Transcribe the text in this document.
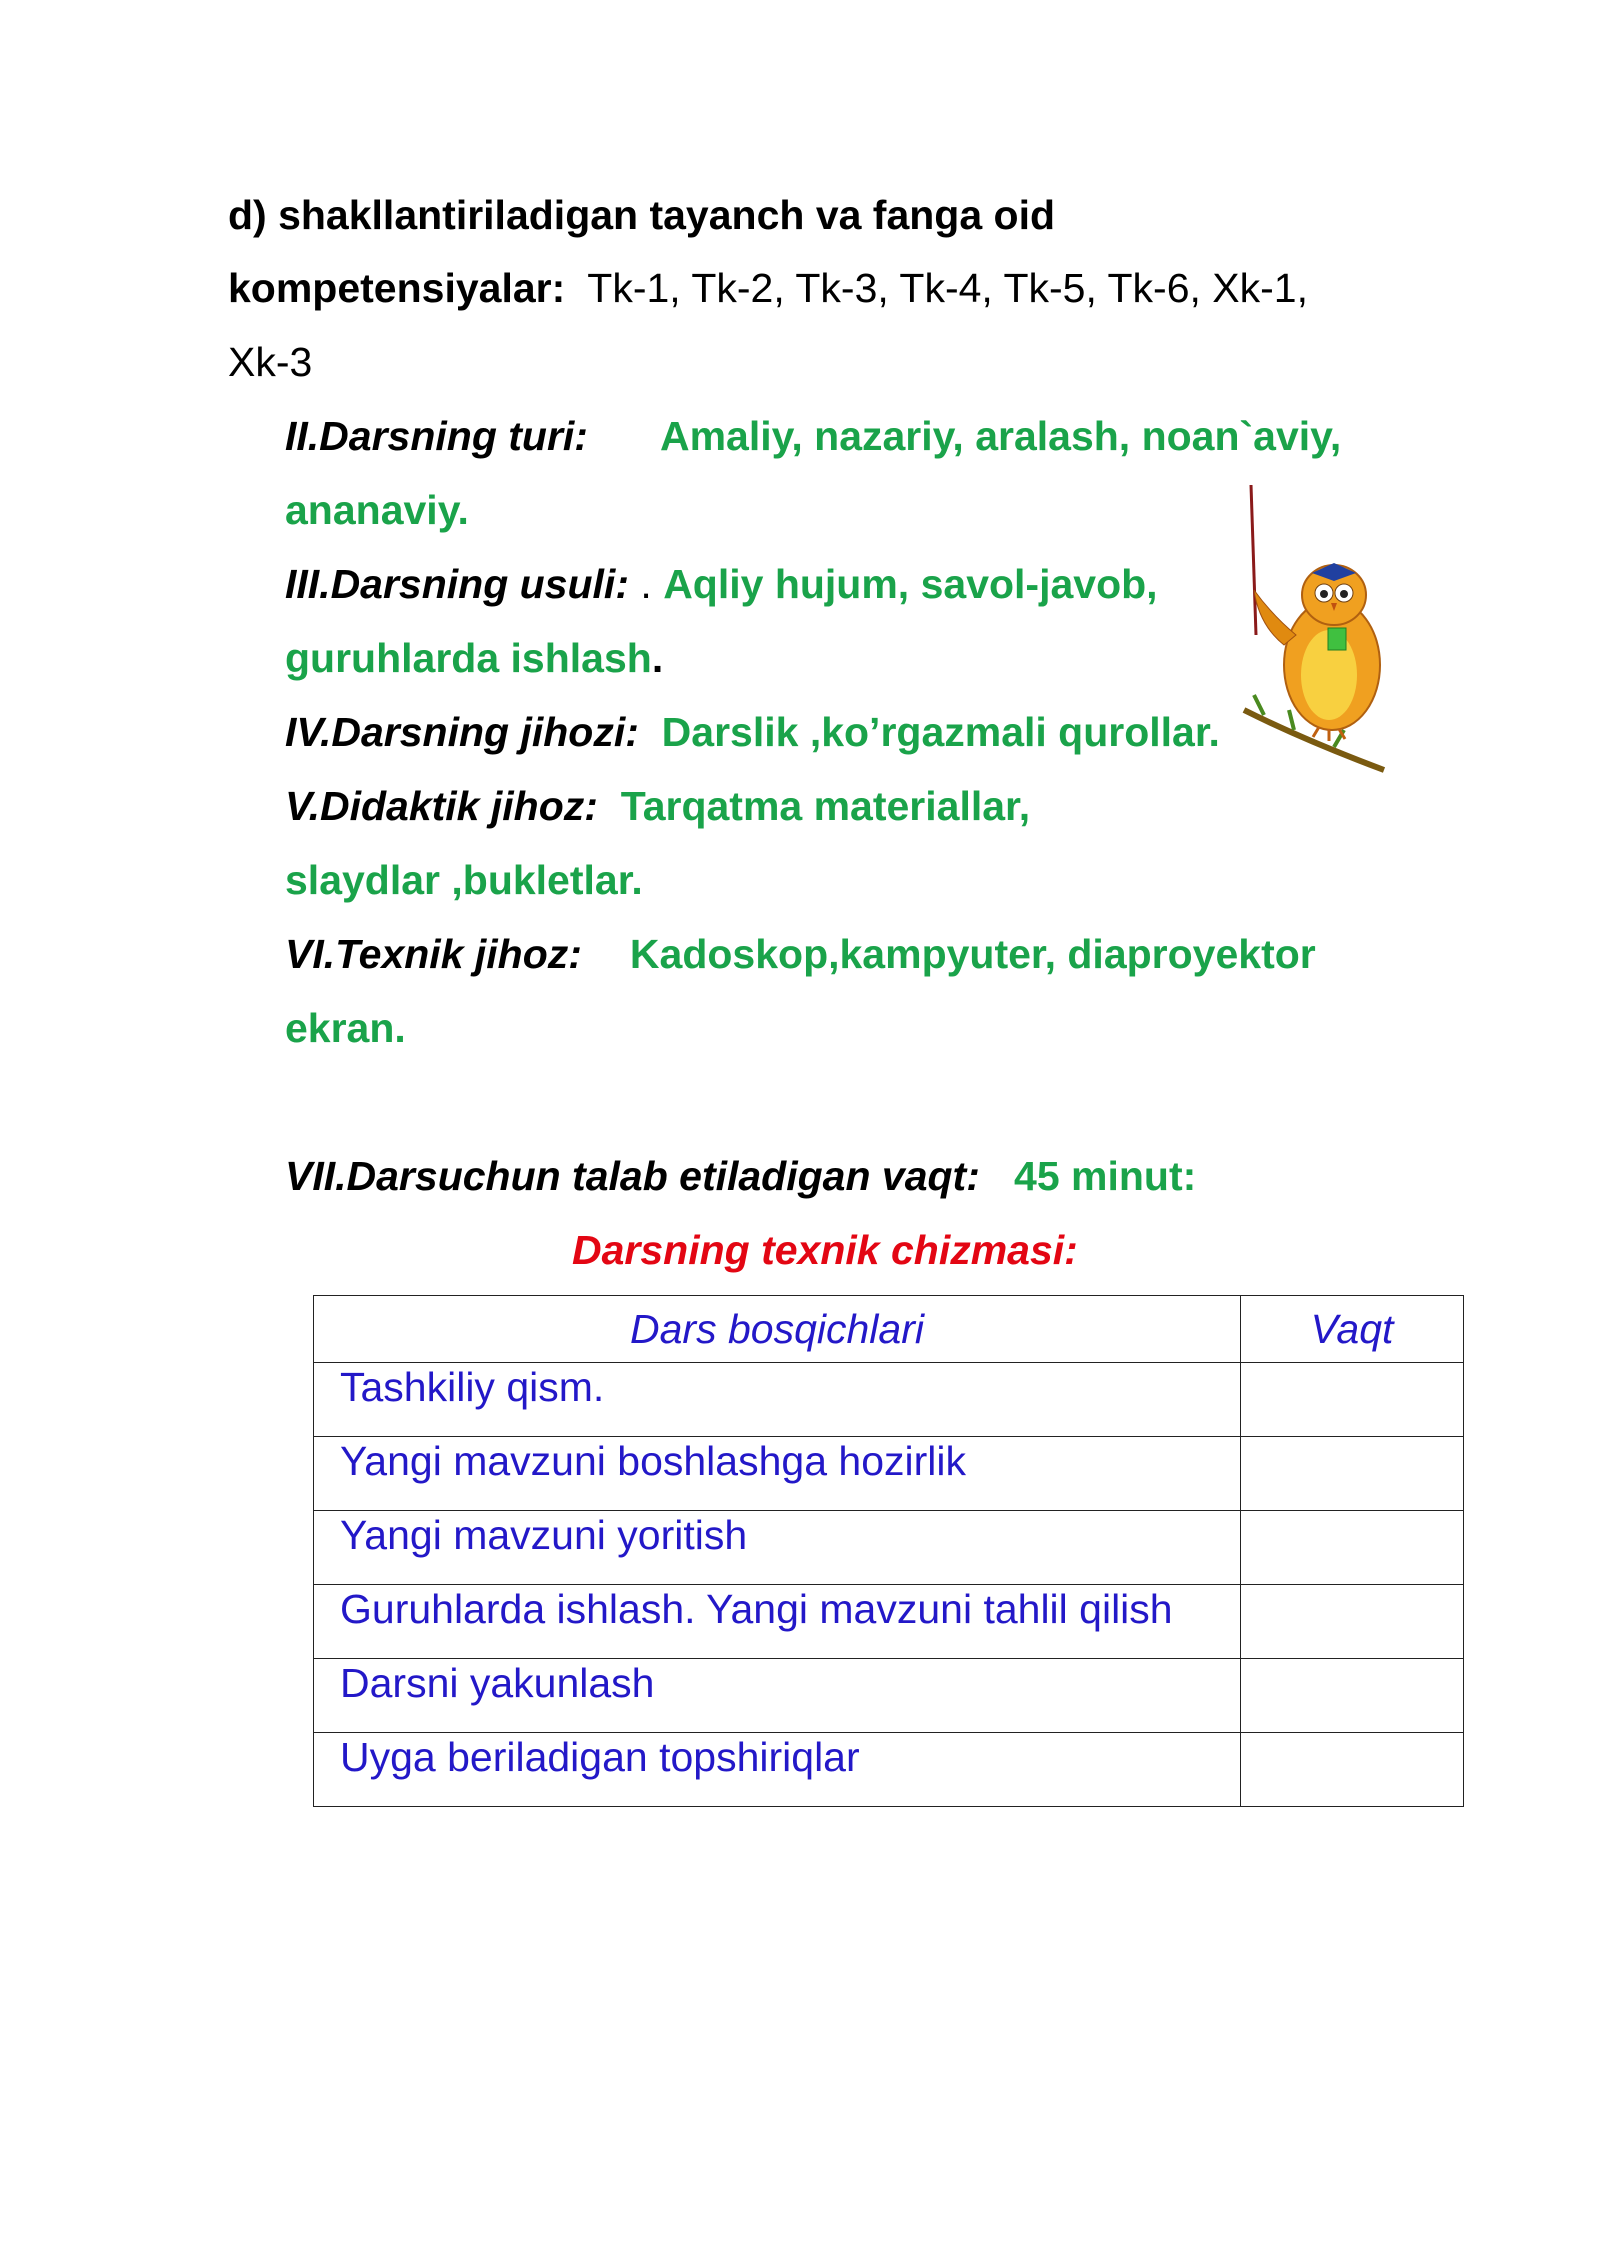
d) shakllantiriladigan tayanch va fanga oid
kompetensiyalar: Tk-1, Tk-2, Tk-3, Tk-4, Tk-5, Tk-6, Xk-1,
Xk-3
II.Darsning turi: Amaliy, nazariy, aralash, noan`aviy,
ananaviy.
III.Darsning usuli: . Aqliy hujum, savol-javob,
guruhlarda ishlash.
IV.Darsning jihozi: Darslik ,ko’rgazmali qurollar.
V.Didaktik jihoz: Tarqatma materiallar,
slaydlar ,bukletlar.
VI.Texnik jihoz: Kadoskop,kampyuter, diaproyektor
ekran.
VII.Darsuchun talab etiladigan vaqt: 45 minut:
Darsning texnik chizmasi:
Dars bosqichlari	Vaqt
Tashkiliy qism.	
Yangi mavzuni boshlashga hozirlik	
Yangi mavzuni yoritish	
Guruhlarda ishlash. Yangi mavzuni tahlil qilish	
Darsni yakunlash	
Uyga beriladigan topshiriqlar	
